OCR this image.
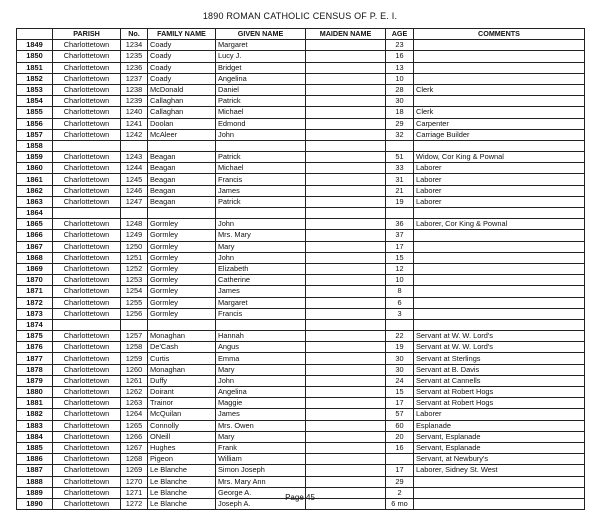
1890 ROMAN CATHOLIC CENSUS OF P. E. I.
	PARISH	No.	FAMILY NAME	GIVEN NAME	MAIDEN NAME	AGE	COMMENTS
1849	Charlottetown	1234	Coady	Margaret		23	
1850	Charlottetown	1235	Coady	Lucy J.		16	
1851	Charlottetown	1236	Coady	Bridget		13	
1852	Charlottetown	1237	Coady	Angelina		10	
1853	Charlottetown	1238	McDonald	Daniel		28	Clerk
1854	Charlottetown	1239	Callaghan	Patrick		30	
1855	Charlottetown	1240	Callaghan	Michael		18	Clerk
1856	Charlottetown	1241	Doolan	Edmond		29	Carpenter
1857	Charlottetown	1242	McAleer	John		32	Carriage Builder
1858							
1859	Charlottetown	1243	Beagan	Patrick		51	Widow, Cor King & Pownal
1860	Charlottetown	1244	Beagan	Michael		33	Laborer
1861	Charlottetown	1245	Beagan	Francis		31	Laborer
1862	Charlottetown	1246	Beagan	James		21	Laborer
1863	Charlottetown	1247	Beagan	Patrick		19	Laborer
1864							
1865	Charlottetown	1248	Gormley	John		36	Laborer, Cor King & Pownal
1866	Charlottetown	1249	Gormley	Mrs. Mary		37	
1867	Charlottetown	1250	Gormley	Mary		17	
1868	Charlottetown	1251	Gormley	John		15	
1869	Charlottetown	1252	Gormley	Elizabeth		12	
1870	Charlottetown	1253	Gormley	Catherine		10	
1871	Charlottetown	1254	Gormley	James		8	
1872	Charlottetown	1255	Gormley	Margaret		6	
1873	Charlottetown	1256	Gormley	Francis		3	
1874							
1875	Charlottetown	1257	Monaghan	Hannah		22	Servant at W. W. Lord's
1876	Charlottetown	1258	De'Cash	Angus		19	Servant at W. W. Lord's
1877	Charlottetown	1259	Curtis	Emma		30	Servant at Sterlings
1878	Charlottetown	1260	Monaghan	Mary		30	Servant at B. Davis
1879	Charlottetown	1261	Duffy	John		24	Servant at Cannells
1880	Charlottetown	1262	Doirant	Angelina		15	Servant at Robert Hogs
1881	Charlottetown	1263	Trainor	Maggie		17	Servant at Robert Hogs
1882	Charlottetown	1264	McQuilan	James		57	Laborer
1883	Charlottetown	1265	Connolly	Mrs. Owen		60	Esplanade
1884	Charlottetown	1266	ONeill	Mary		20	Servant, Esplanade
1885	Charlottetown	1267	Hughes	Frank		16	Servant, Esplanade
1886	Charlottetown	1268	Pigeon	William			Servant, at Newbury's
1887	Charlottetown	1269	Le Blanche	Simon Joseph		17	Laborer, Sidney St. West
1888	Charlottetown	1270	Le Blanche	Mrs. Mary Ann		29	
1889	Charlottetown	1271	Le Blanche	George A.		2	
1890	Charlottetown	1272	Le Blanche	Joseph A.		6 mo	
Page 45
